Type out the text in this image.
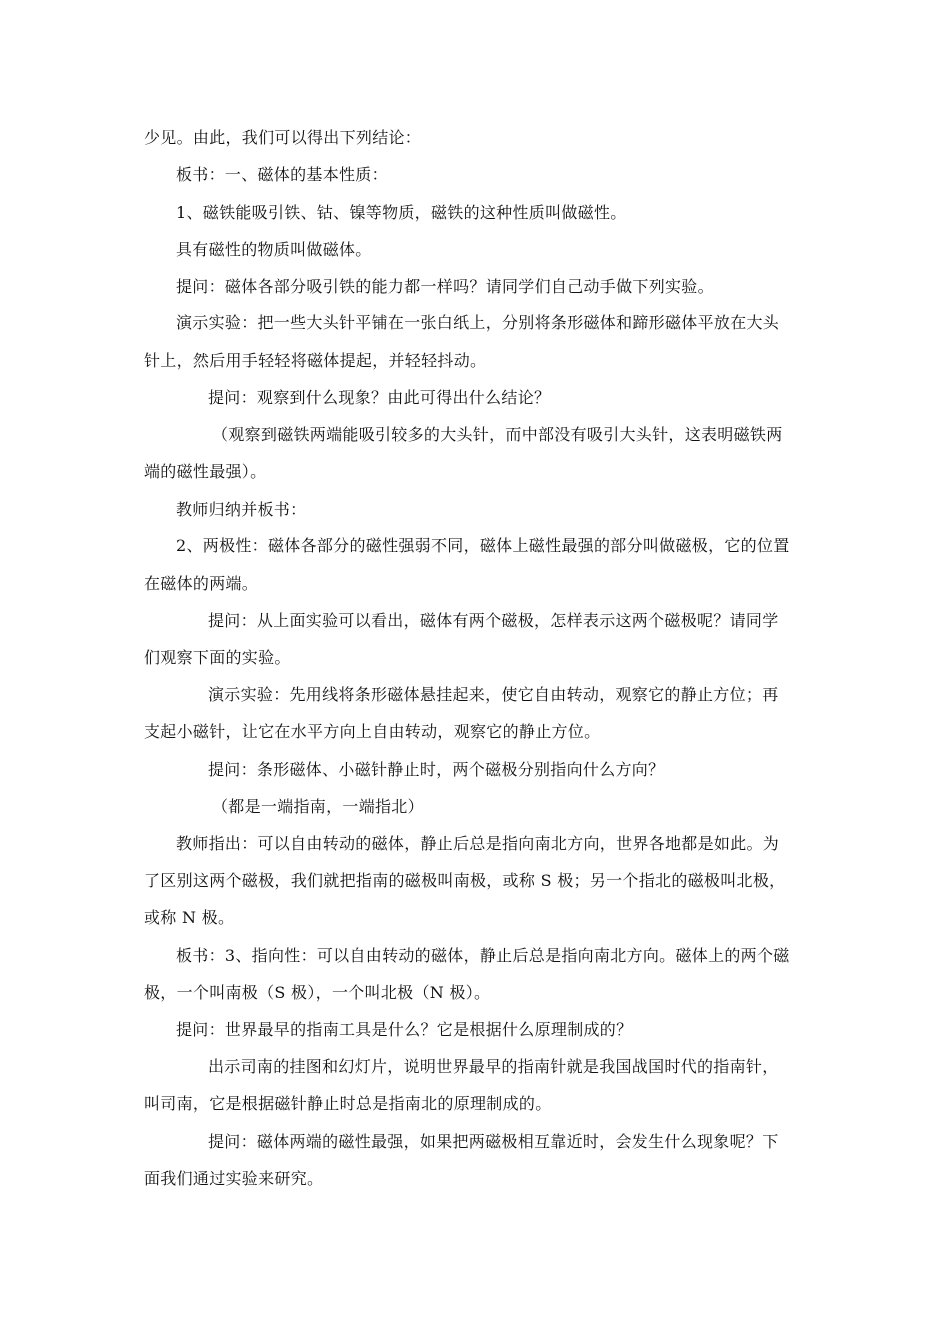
少见。由此，我们可以得出下列结论：
板书：一、磁体的基本性质：
1、磁铁能吸引铁、钴、镍等物质，磁铁的这种性质叫做磁性。
具有磁性的物质叫做磁体。
提问：磁体各部分吸引铁的能力都一样吗？请同学们自己动手做下列实验。
演示实验：把一些大头针平铺在一张白纸上，分别将条形磁体和蹄形磁体平放在大头
针上，然后用手轻轻将磁体提起，并轻轻抖动。
提问：观察到什么现象？由此可得出什么结论？
（观察到磁铁两端能吸引较多的大头针，而中部没有吸引大头针，这表明磁铁两
端的磁性最强）。
教师归纳并板书：
2、两极性：磁体各部分的磁性强弱不同，磁体上磁性最强的部分叫做磁极，它的位置
在磁体的两端。
提问：从上面实验可以看出，磁体有两个磁极，怎样表示这两个磁极呢？请同学
们观察下面的实验。
演示实验：先用线将条形磁体悬挂起来，使它自由转动，观察它的静止方位；再
支起小磁针，让它在水平方向上自由转动，观察它的静止方位。
提问：条形磁体、小磁针静止时，两个磁极分别指向什么方向？
（都是一端指南，一端指北）
教师指出：可以自由转动的磁体，静止后总是指向南北方向，世界各地都是如此。为
了区别这两个磁极，我们就把指南的磁极叫南极，或称 S 极；另一个指北的磁极叫北极，
或称 N 极。
板书：3、指向性：可以自由转动的磁体，静止后总是指向南北方向。磁体上的两个磁
极，一个叫南极（S 极），一个叫北极（N 极）。
提问：世界最早的指南工具是什么？它是根据什么原理制成的？
出示司南的挂图和幻灯片，说明世界最早的指南针就是我国战国时代的指南针，
叫司南，它是根据磁针静止时总是指南北的原理制成的。
提问：磁体两端的磁性最强，如果把两磁极相互靠近时，会发生什么现象呢？下
面我们通过实验来研究。
